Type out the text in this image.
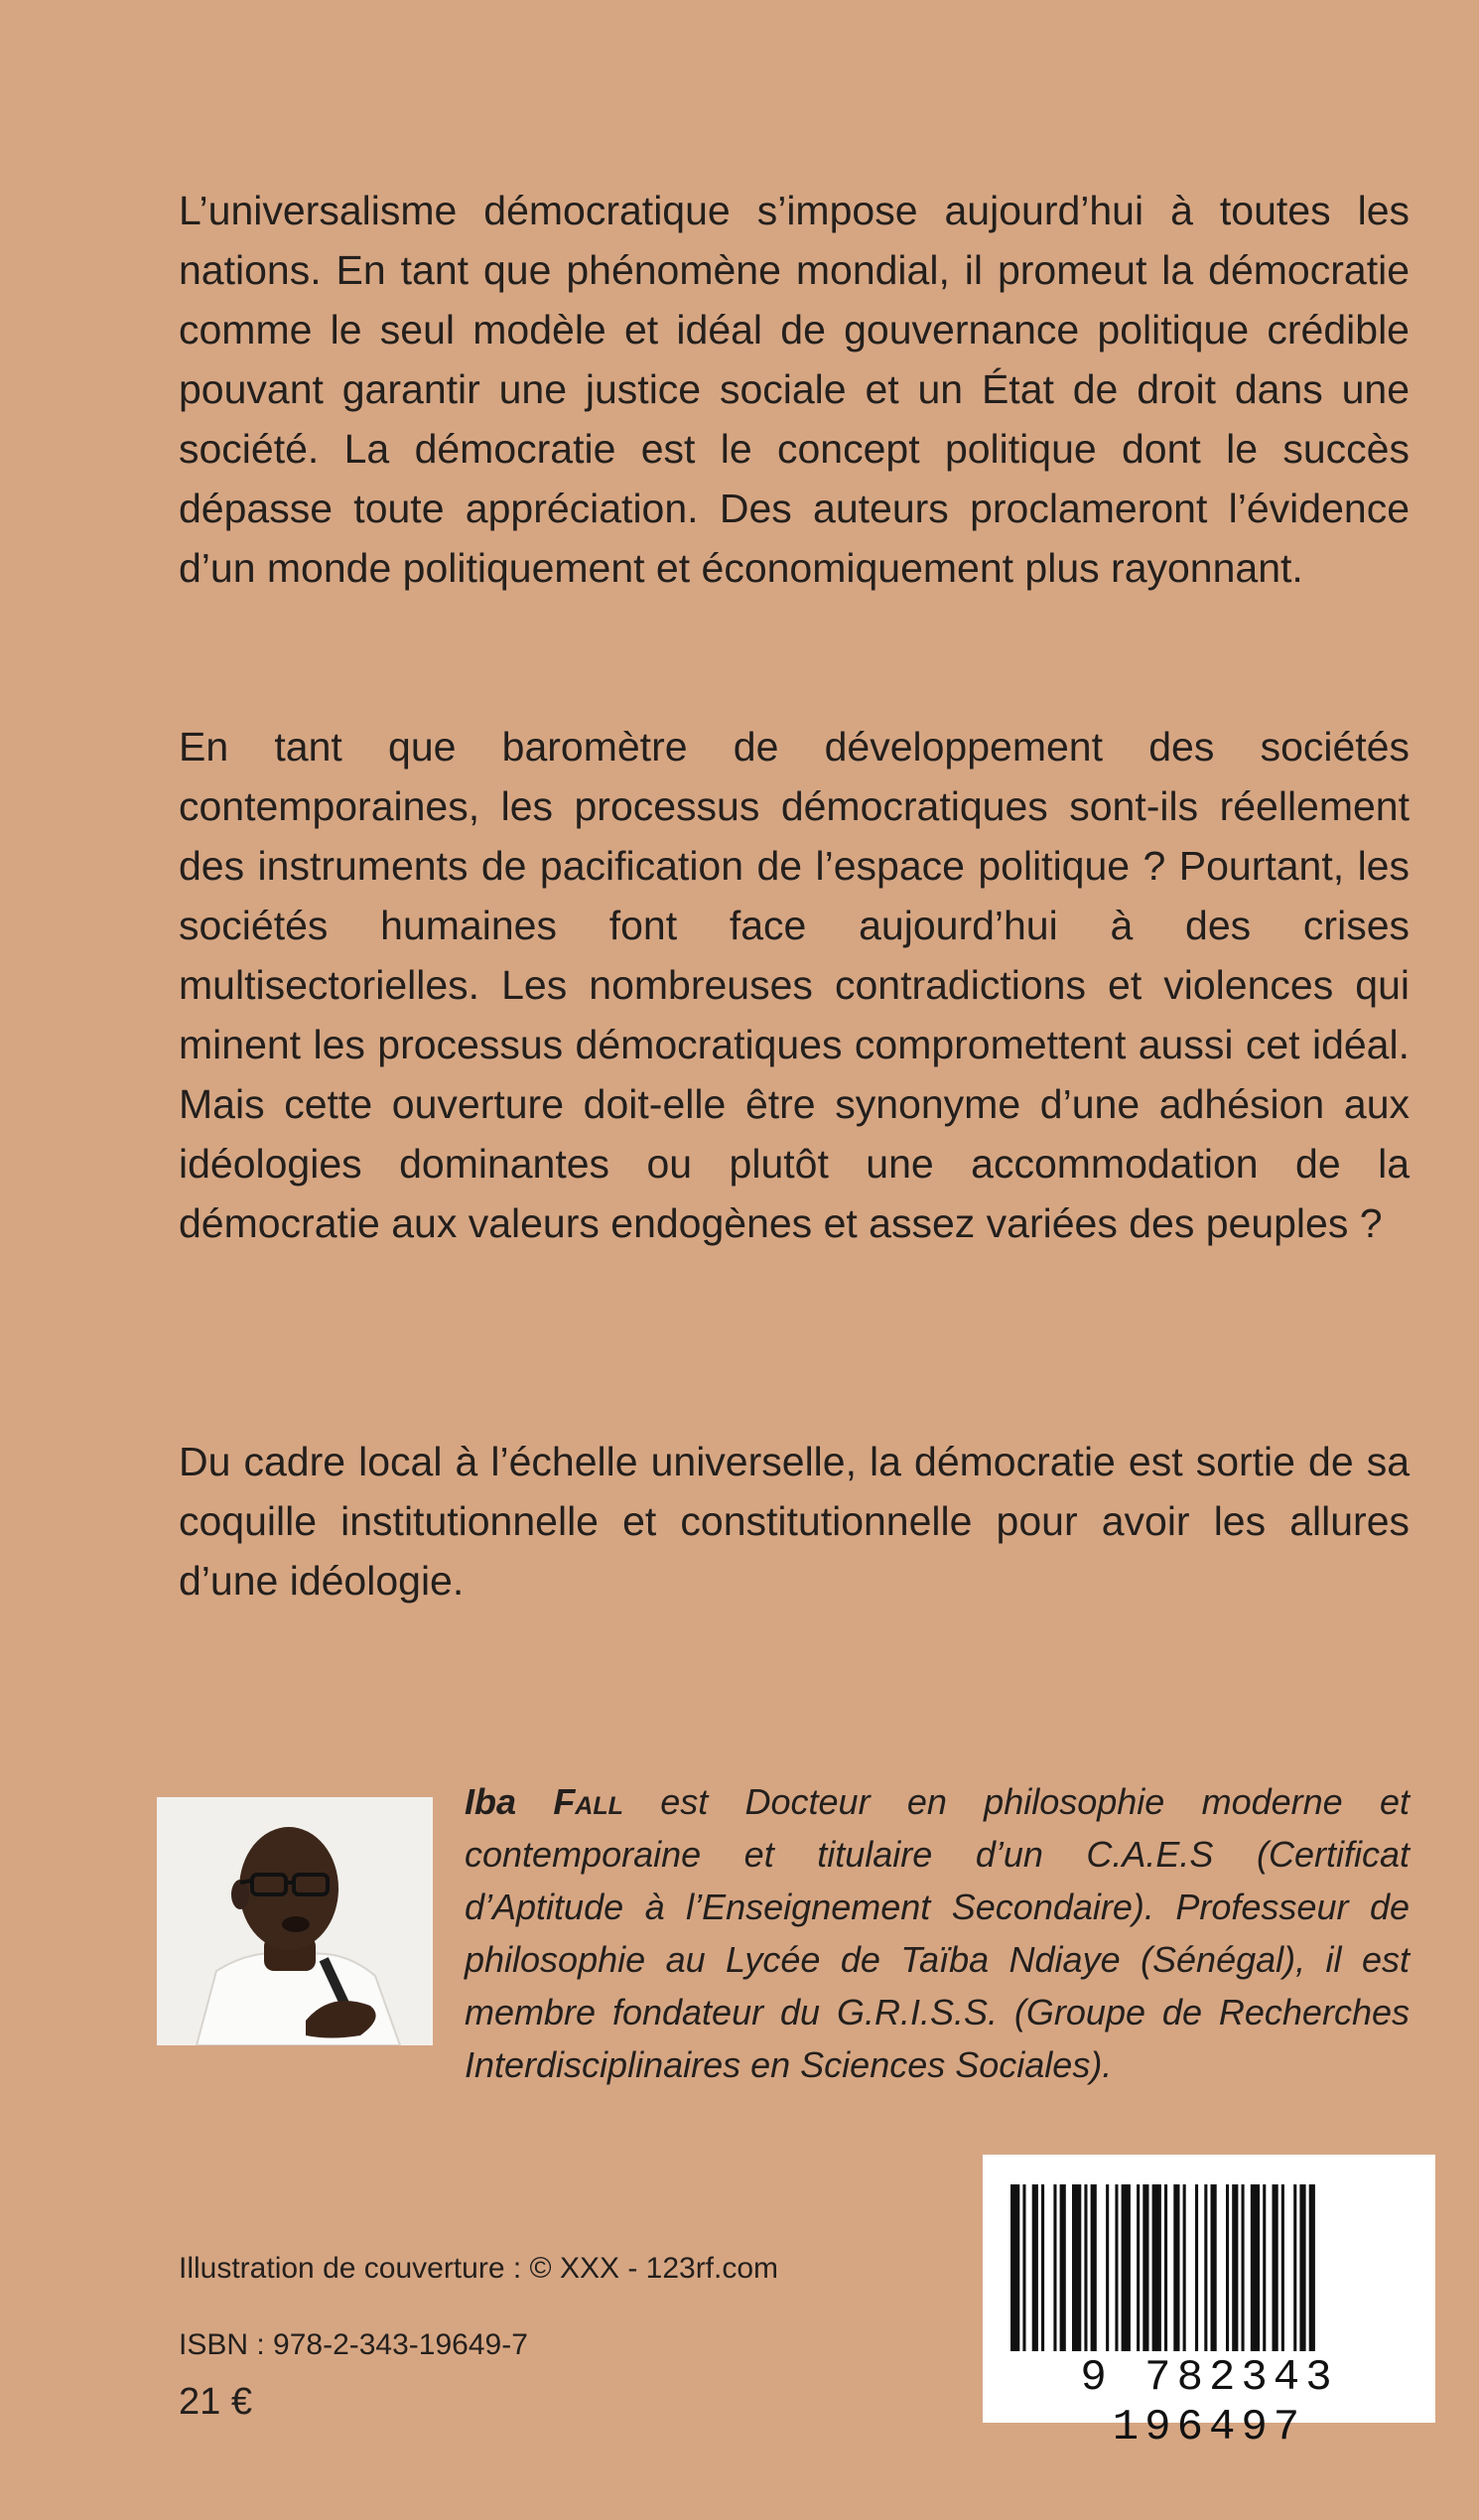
L’universalisme démocratique s’impose aujourd’hui à toutes les nations. En tant que phénomène mondial, il promeut la démocratie comme le seul modèle et idéal de gouvernance politique crédible pouvant garantir une justice sociale et un État de droit dans une société. La démocratie est le concept politique dont le succès dépasse toute appréciation. Des auteurs proclameront l’évidence d’un monde politiquement et économiquement plus rayonnant.

En tant que baromètre de développement des sociétés contemporaines, les processus démocratiques sont-ils réellement des instruments de pacification de l’espace politique ? Pourtant, les sociétés humaines font face aujourd’hui à des crises multisectorielles. Les nombreuses contradictions et violences qui minent les processus démocratiques compromettent aussi cet idéal. Mais cette ouverture doit-elle être synonyme d’une adhésion aux idéologies dominantes ou plutôt une accommodation de la démocratie aux valeurs endogènes et assez variées des peuples ?

Du cadre local à l’échelle universelle, la démocratie est sortie de sa coquille institutionnelle et constitutionnelle pour avoir les allures d’une idéologie.

Iba Fall est Docteur en philosophie moderne et contemporaine et titulaire d’un C.A.E.S (Certificat d’Aptitude à l’Enseignement Secondaire). Professeur de philosophie au Lycée de Taïba Ndiaye (Sénégal), il est membre fondateur du G.R.I.S.S. (Groupe de Recherches Interdisciplinaires en Sciences Sociales).

Illustration de couverture : © XXX - 123rf.com
ISBN : 978-2-343-19649-7
21 €	9 782343 196497
